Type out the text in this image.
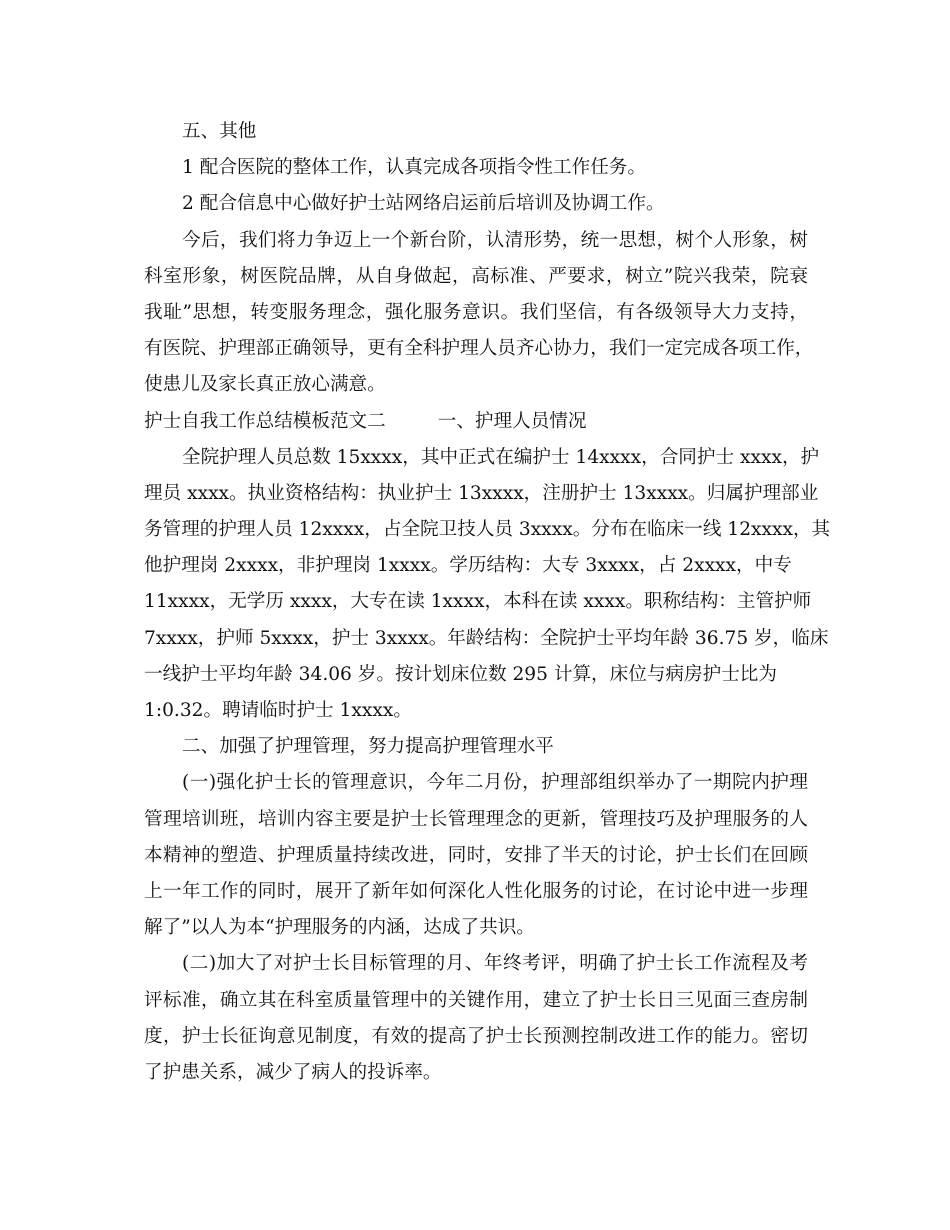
五、其他
1 配合医院的整体工作，认真完成各项指令性工作任务。
2 配合信息中心做好护士站网络启运前后培训及协调工作。
今后，我们将力争迈上一个新台阶，认清形势，统一思想，树个人形象，树
科室形象，树医院品牌，从自身做起，高标准、严要求，树立”院兴我荣，院衰
我耻”思想，转变服务理念，强化服务意识。我们坚信，有各级领导大力支持，
有医院、护理部正确领导，更有全科护理人员齐心协力，我们一定完成各项工作，
使患儿及家长真正放心满意。
护士自我工作总结模板范文二	一、护理人员情况
全院护理人员总数 15xxxx，其中正式在编护士 14xxxx，合同护士 xxxx，护
理员 xxxx。执业资格结构：执业护士 13xxxx，注册护士 13xxxx。归属护理部业
务管理的护理人员 12xxxx，占全院卫技人员 3xxxx。分布在临床一线 12xxxx，其
他护理岗 2xxxx，非护理岗 1xxxx。学历结构：大专 3xxxx，占 2xxxx，中专
11xxxx，无学历 xxxx，大专在读 1xxxx，本科在读 xxxx。职称结构：主管护师
7xxxx，护师 5xxxx，护士 3xxxx。年龄结构：全院护士平均年龄 36.75 岁，临床
一线护士平均年龄 34.06 岁。按计划床位数 295 计算，床位与病房护士比为
1:0.32。聘请临时护士 1xxxx。
二、加强了护理管理，努力提高护理管理水平
(一)强化护士长的管理意识，今年二月份，护理部组织举办了一期院内护理
管理培训班，培训内容主要是护士长管理理念的更新，管理技巧及护理服务的人
本精神的塑造、护理质量持续改进，同时，安排了半天的讨论，护士长们在回顾
上一年工作的同时，展开了新年如何深化人性化服务的讨论，在讨论中进一步理
解了”以人为本“护理服务的内涵，达成了共识。
(二)加大了对护士长目标管理的月、年终考评，明确了护士长工作流程及考
评标准，确立其在科室质量管理中的关键作用，建立了护士长日三见面三查房制
度，护士长征询意见制度，有效的提高了护士长预测控制改进工作的能力。密切
了护患关系，减少了病人的投诉率。
